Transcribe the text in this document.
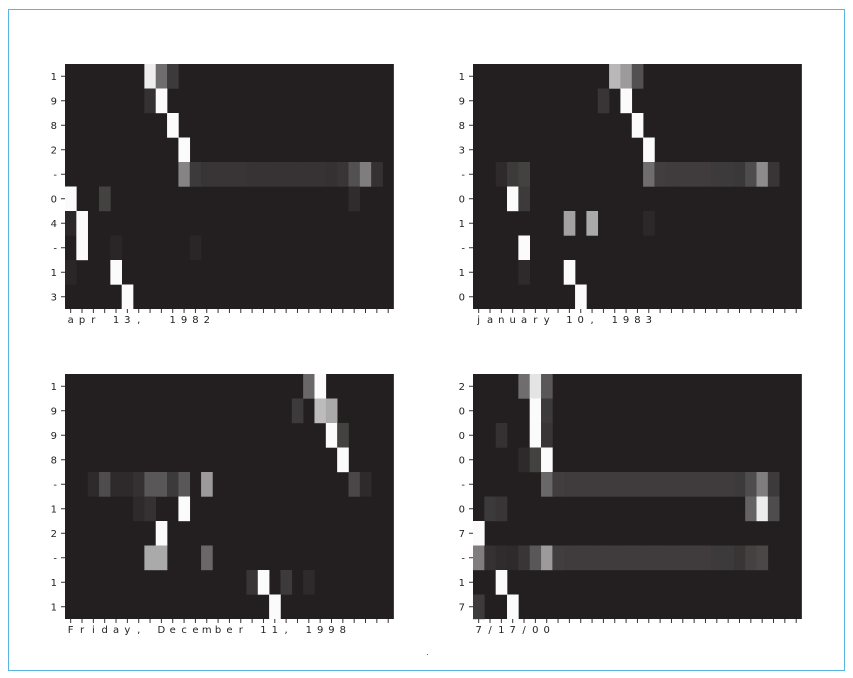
1
9
8
2
-
0
4
-
1
3
a p r 1 3 ,	1 9 8 2
1
9
8
3
-
0
1
-
1
0
j a n u a r y 1 0 , 1 9 8 3
1
9
9
8
-
1
2
-
1
1
F r i d a y , D e c e m b e r 1 1 , 1 9 9 8
2
0
0
0
-
0
7
-
1
7
7 / 1 7 / 0 0
